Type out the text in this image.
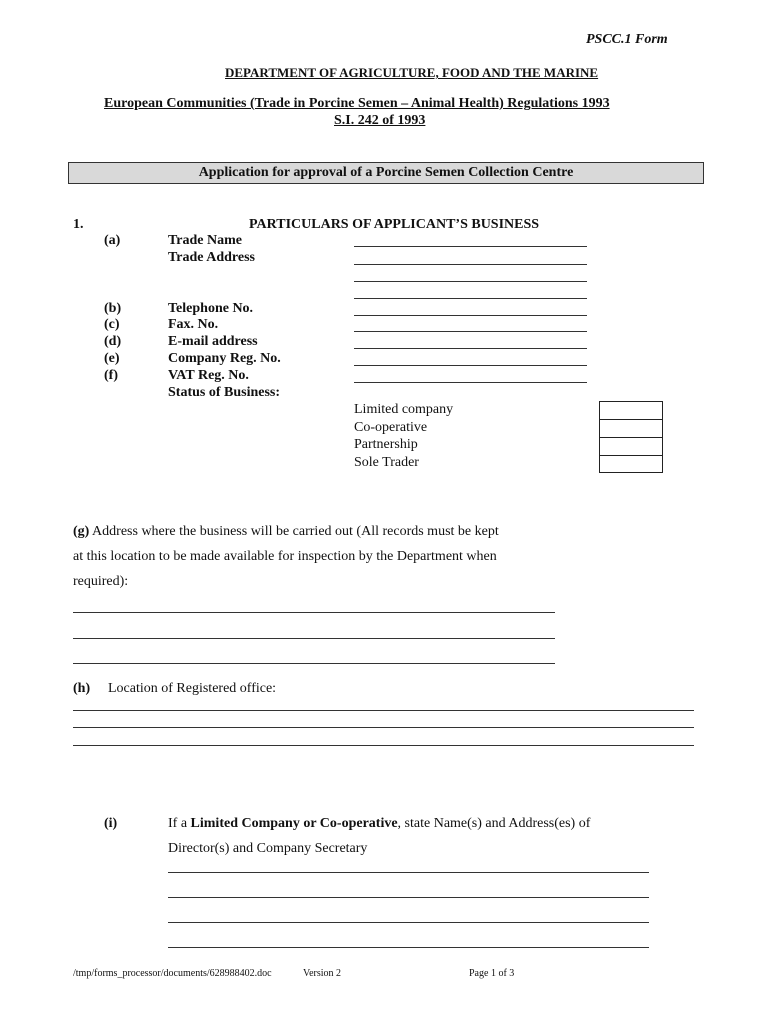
PSCC.1 Form
DEPARTMENT OF AGRICULTURE, FOOD AND THE MARINE
European Communities (Trade in Porcine Semen – Animal Health) Regulations 1993
S.I. 242 of 1993
Application for approval of a Porcine Semen Collection Centre
1.	PARTICULARS OF APPLICANT’S BUSINESS
(a)	Trade Name
Trade Address
(b)	Telephone No.
(c)	Fax. No.
(d)	E-mail address
(e)	Company Reg. No.
(f)	VAT Reg. No.
Status of Business:
Limited company
Co-operative
Partnership
Sole Trader
(g) Address where the business will be carried out (All records must be kept
at this location to be made available for inspection by the Department when
required):
(h) Location of Registered office:
(i)	If a Limited Company or Co-operative, state Name(s) and Address(es) of
Director(s) and Company Secretary
/tmp/forms_processor/documents/628988402.doc	Version 2	Page 1 of 3
